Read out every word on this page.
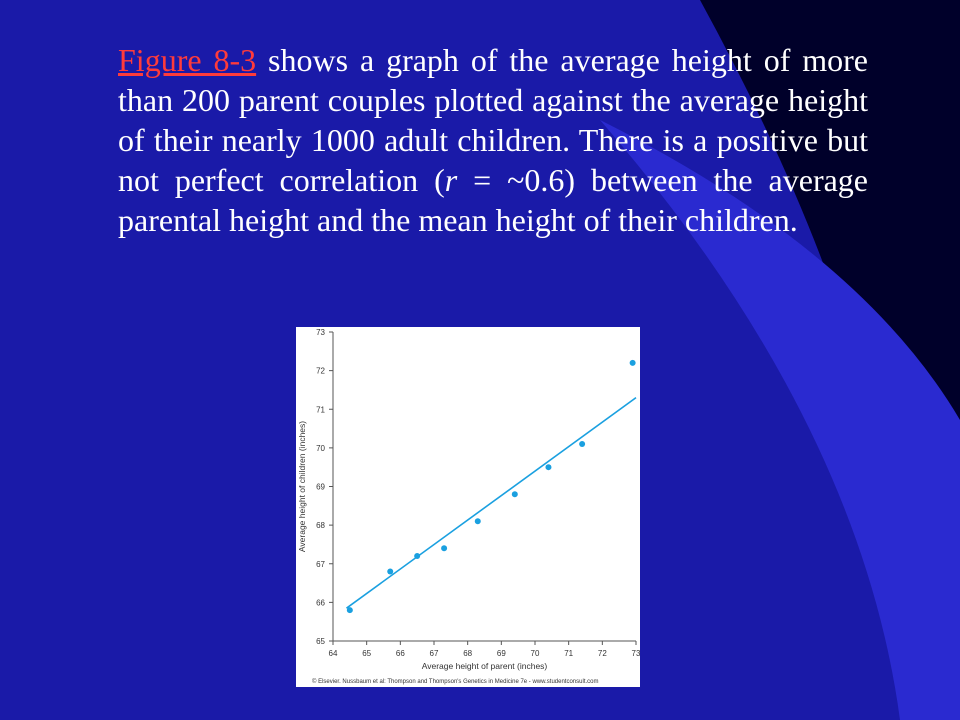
Figure 8-3 shows a graph of the average height of more than 200 parent couples plotted against the average height of their nearly 1000 adult children. There is a positive but not perfect correlation (r = ~0.6) between the average parental height and the mean height of their children.
64	65	66	67	68	69	70	71	72	73
65
66
67
68
69
70
71
72
73
Average height of parent (inches)
Average height of children (inches)
© Elsevier. Nussbaum et al: Thompson and Thompson's Genetics in Medicine 7e - www.studentconsult.com
